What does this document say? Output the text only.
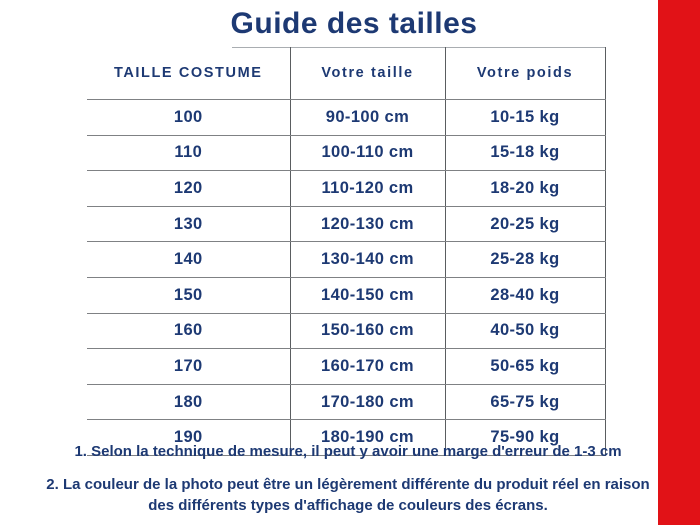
Guide des tailles
TAILLE COSTUME	Votre taille	Votre poids
100	90-100 cm	10-15 kg
110	100-110 cm	15-18 kg
120	110-120 cm	18-20 kg
130	120-130 cm	20-25 kg
140	130-140 cm	25-28 kg
150	140-150 cm	28-40 kg
160	150-160 cm	40-50 kg
170	160-170 cm	50-65 kg
180	170-180 cm	65-75 kg
190	180-190 cm	75-90 kg

1. Selon la technique de mesure, il peut y avoir une marge d'erreur de 1-3 cm

2. La couleur de la photo peut être un légèrement différente du produit réel en raison des différents types d'affichage de couleurs des écrans.
